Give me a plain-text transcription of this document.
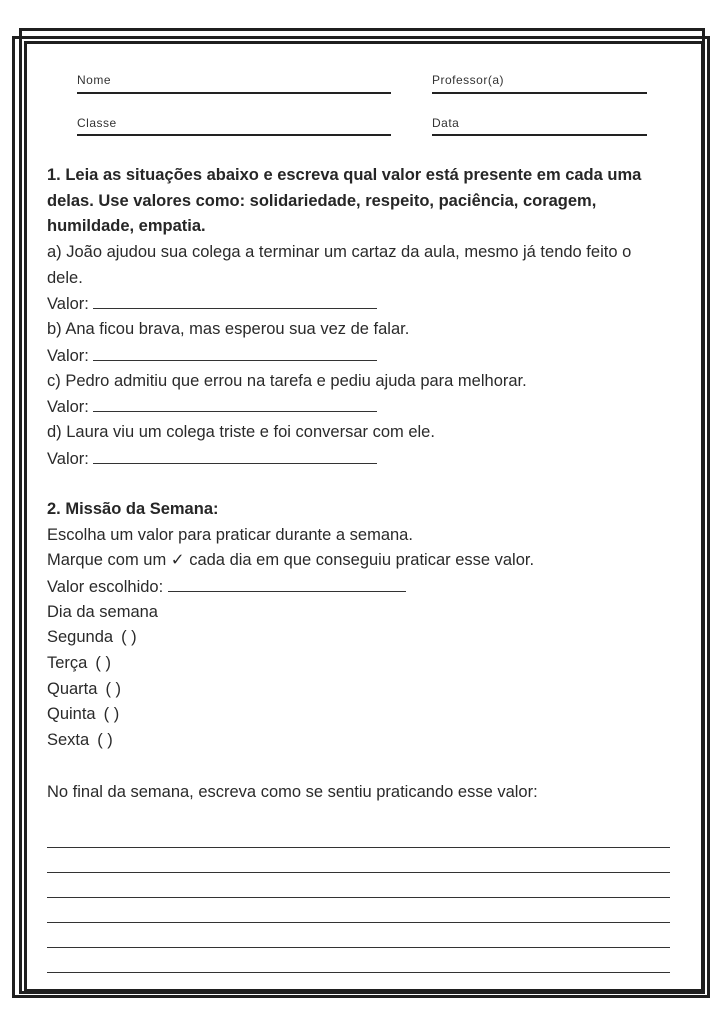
Nome	Professor(a)
Classe	Data
1. Leia as situações abaixo e escreva qual valor está presente em cada uma
delas. Use valores como: solidariedade, respeito, paciência, coragem,
humildade, empatia.
a) João ajudou sua colega a terminar um cartaz da aula, mesmo já tendo feito o
dele.
Valor:
b) Ana ficou brava, mas esperou sua vez de falar.
Valor:
c) Pedro admitiu que errou na tarefa e pediu ajuda para melhorar.
Valor:
d) Laura viu um colega triste e foi conversar com ele.
Valor:
2. Missão da Semana:
Escolha um valor para praticar durante a semana.
Marque com um ✓ cada dia em que conseguiu praticar esse valor.
Valor escolhido:
Dia da semana
Segunda ( )
Terça ( )
Quarta ( )
Quinta ( )
Sexta ( )
No final da semana, escreva como se sentiu praticando esse valor:
